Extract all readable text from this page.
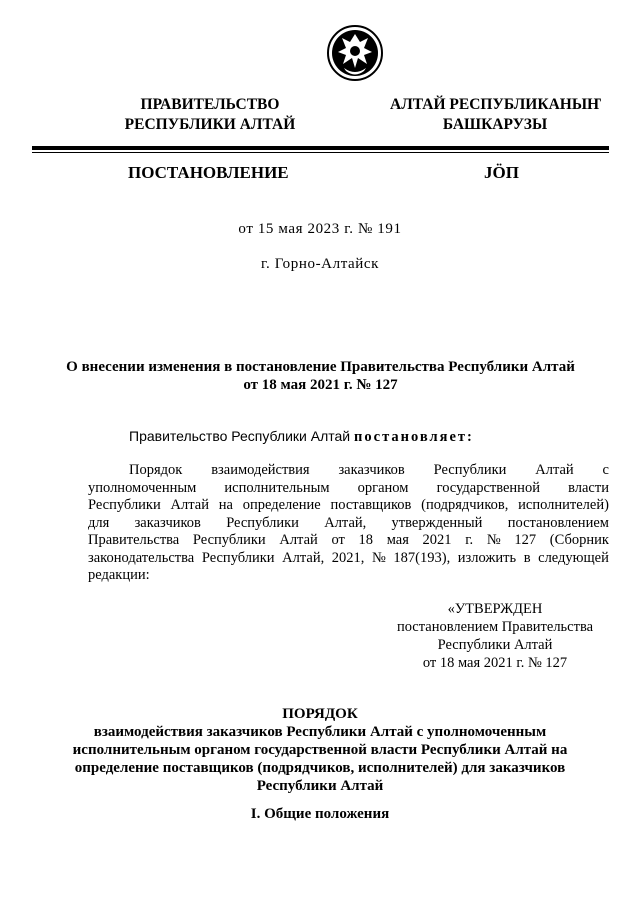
ПРАВИТЕЛЬСТВО
РЕСПУБЛИКИ АЛТАЙ
АЛТАЙ РЕСПУБЛИКАНЫҤ
БАШКАРУЗЫ
ПОСТАНОВЛЕНИЕ	JӦП
от 15 мая 2023 г. № 191
г. Горно-Алтайск
О внесении изменения в постановление Правительства Республики Алтай
от 18 мая 2021 г. № 127
Правительство Республики Алтай постановляет:
Порядок взаимодействия заказчиков Республики Алтай с
уполномоченным исполнительным органом государственной власти
Республики Алтай на определение поставщиков (подрядчиков, исполнителей)
для заказчиков Республики Алтай, утвержденный постановлением
Правительства Республики Алтай от 18 мая 2021 г. № 127 (Сборник
законодательства Республики Алтай, 2021, № 187(193), изложить в следующей
редакции:
«УТВЕРЖДЕН
постановлением Правительства
Республики Алтай
от 18 мая 2021 г. № 127
ПОРЯДОК
взаимодействия заказчиков Республики Алтай с уполномоченным
исполнительным органом государственной власти Республики Алтай на
определение поставщиков (подрядчиков, исполнителей) для заказчиков
Республики Алтай
I. Общие положения
